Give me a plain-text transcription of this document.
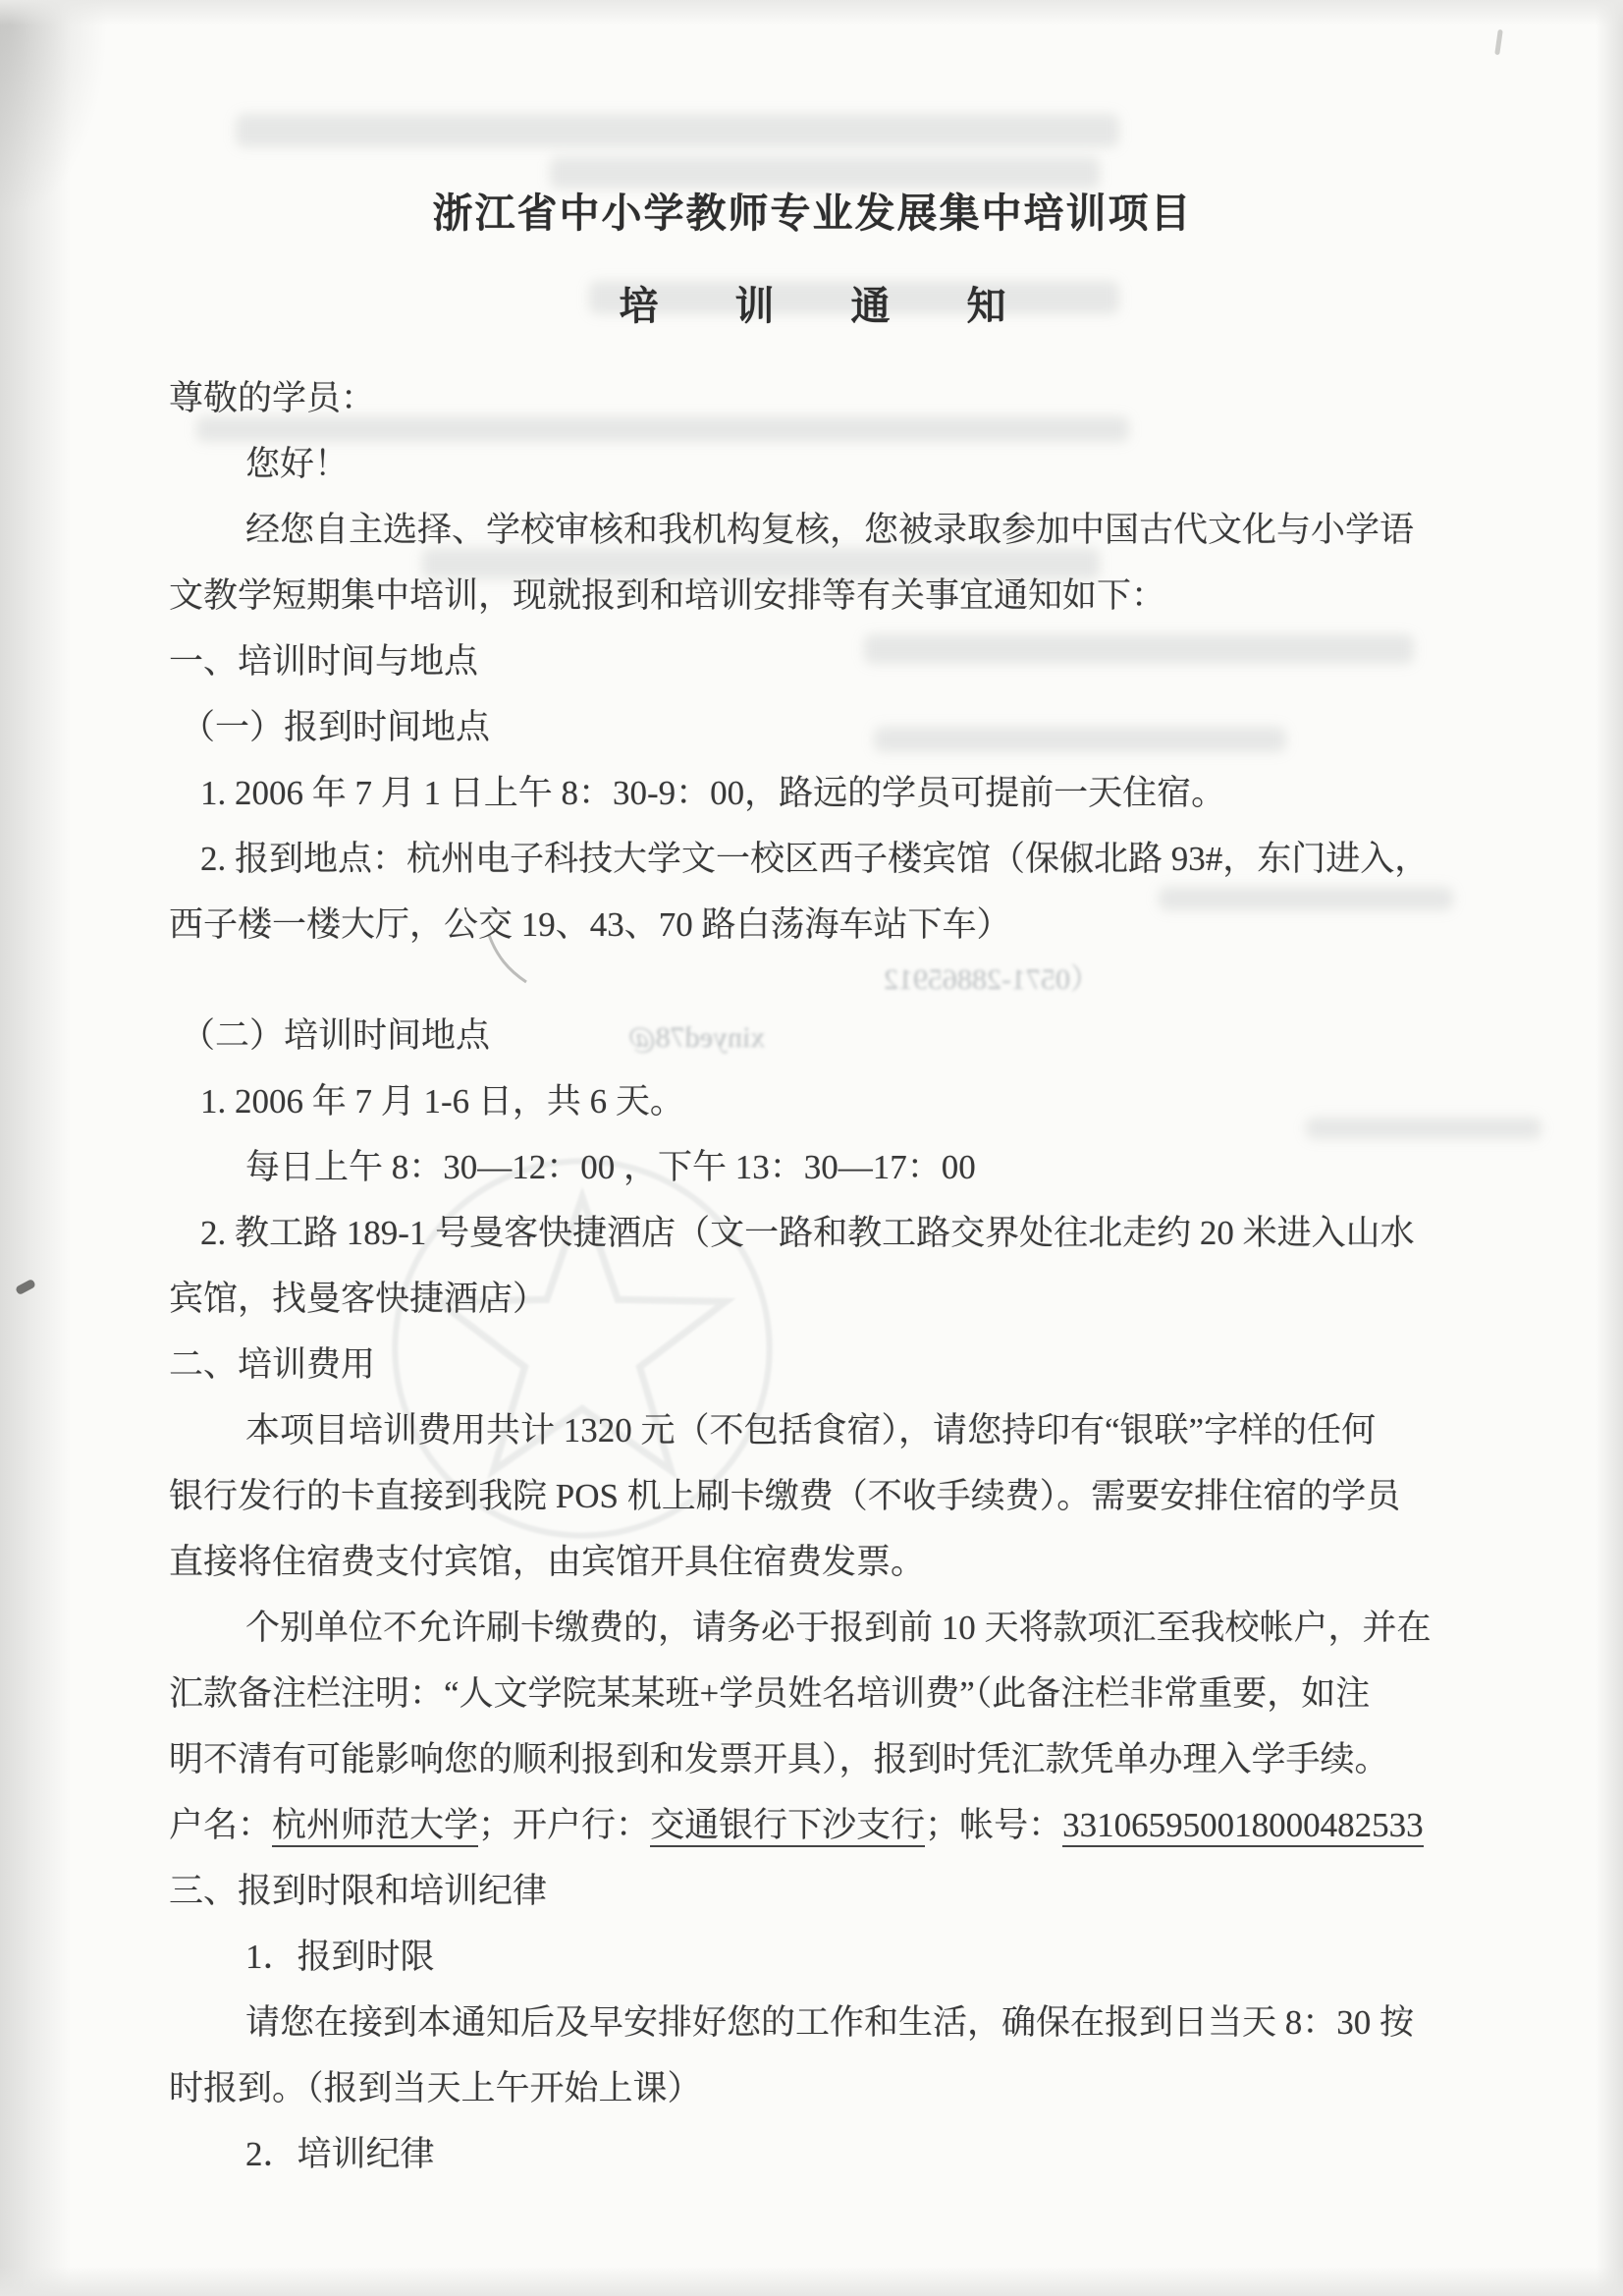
（0571-28865912
xinyed78@
浙江省中小学教师专业发展集中培训项目
培 训 通 知
尊敬的学员：
您好！
经您自主选择、学校审核和我机构复核，您被录取参加中国古代文化与小学语
文教学短期集中培训，现就报到和培训安排等有关事宜通知如下：
一、培训时间与地点
（一）报到时间地点
1. 2006 年 7 月 1 日上午 8：30-9：00，路远的学员可提前一天住宿。
2. 报到地点：杭州电子科技大学文一校区西子楼宾馆（保俶北路 93#，东门进入，
西子楼一楼大厅，公交 19、43、70 路白荡海车站下车）
（二）培训时间地点
1. 2006 年 7 月 1-6 日，共 6 天。
每日上午 8：30—12：00 ，下午 13：30—17：00
2. 教工路 189-1 号曼客快捷酒店（文一路和教工路交界处往北走约 20 米进入山水
宾馆，找曼客快捷酒店）
二、培训费用
本项目培训费用共计 1320 元（不包括食宿），请您持印有“银联”字样的任何
银行发行的卡直接到我院 POS 机上刷卡缴费（不收手续费）。需要安排住宿的学员
直接将住宿费支付宾馆，由宾馆开具住宿费发票。
个别单位不允许刷卡缴费的，请务必于报到前 10 天将款项汇至我校帐户，并在
汇款备注栏注明：“人文学院某某班+学员姓名培训费”（此备注栏非常重要，如注
明不清有可能影响您的顺利报到和发票开具），报到时凭汇款凭单办理入学手续。
户名：杭州师范大学；开户行：交通银行下沙支行；帐号：331065950018000482533
三、报到时限和培训纪律
1．报到时限
请您在接到本通知后及早安排好您的工作和生活，确保在报到日当天 8：30 按
时报到。（报到当天上午开始上课）
2．培训纪律
